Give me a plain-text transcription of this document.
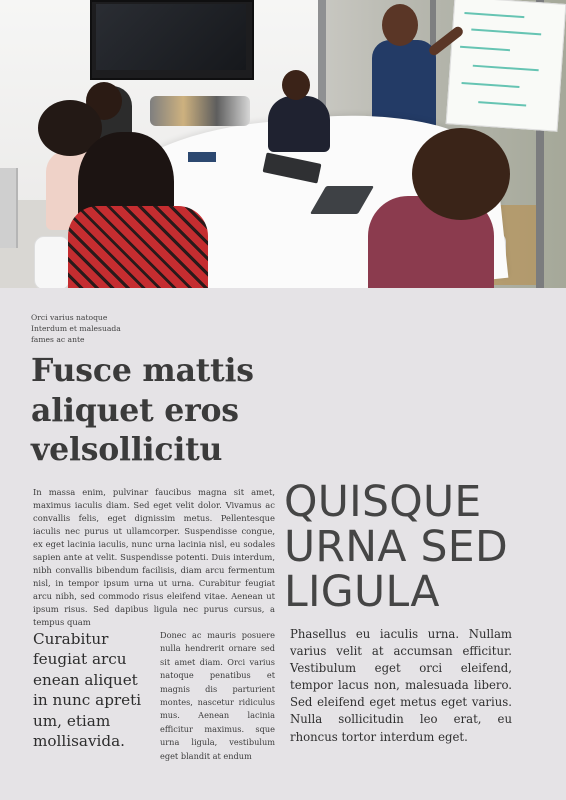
Orci varius natoque Interdum et malesuada fames ac ante
Fusce mattis aliquet eros velsollicitu
In massa enim, pulvinar faucibus magna sit amet, maximus iaculis diam. Sed eget velit dolor. Vivamus ac convallis felis, eget dignissim metus. Pellentesque iaculis nec purus ut ullamcorper. Suspendisse congue, ex eget lacinia iaculis, nunc urna lacinia nisl, eu sodales sapien ante at velit. Suspendisse potenti. Duis interdum, nibh convallis bibendum facilisis, diam arcu fermentum nisl, in tempor ipsum urna ut urna. Curabitur feugiat arcu nibh, sed commodo risus eleifend vitae. Aenean ut ipsum risus. Sed dapibus ligula nec purus cursus, a tempus quam
Curabitur feugiat arcu enean aliquet in nunc apreti um, etiam mollisavida.
Donec ac mauris posuere nulla hendrerit ornare sed sit amet diam. Orci varius natoque penatibus et magnis dis parturient montes, nascetur ridiculus mus. Aenean lacinia efficitur maximus. sque urna ligula, vestibulum eget blandit at endum
QUISQUE URNA SED LIGULA
Phasellus eu iaculis urna. Nullam varius velit at accumsan efficitur. Vestibulum eget orci eleifend, tempor lacus non, malesuada libero. Sed eleifend eget metus eget varius. Nulla sollicitudin leo erat, eu rhoncus tortor interdum eget.
